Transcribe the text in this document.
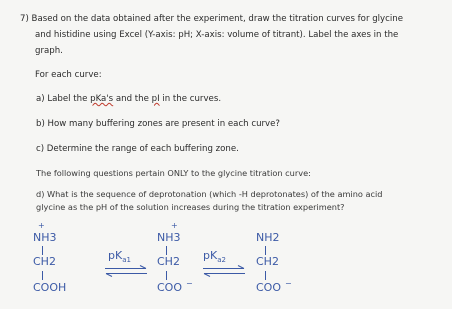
7) Based on the data obtained after the experiment, draw the titration curves for glycine
and histidine using Excel (Y-axis: pH; X-axis: volume of titrant). Label the axes in the
graph.
For each curve:
a) Label the pKa's and the pI in the curves.
b) How many buffering zones are present in each curve?
c) Determine the range of each buffering zone.
The following questions pertain ONLY to the glycine titration curve:
d) What is the sequence of deprotonation (which -H deprotonates) of the amino acid
glycine as the pH of the solution increases during the titration experiment?
+
NH3
CH2
COOH
$pK_{a1}$
+
NH3
CH2
COO −
$pK_{a2}$
NH2
CH2
COO −
